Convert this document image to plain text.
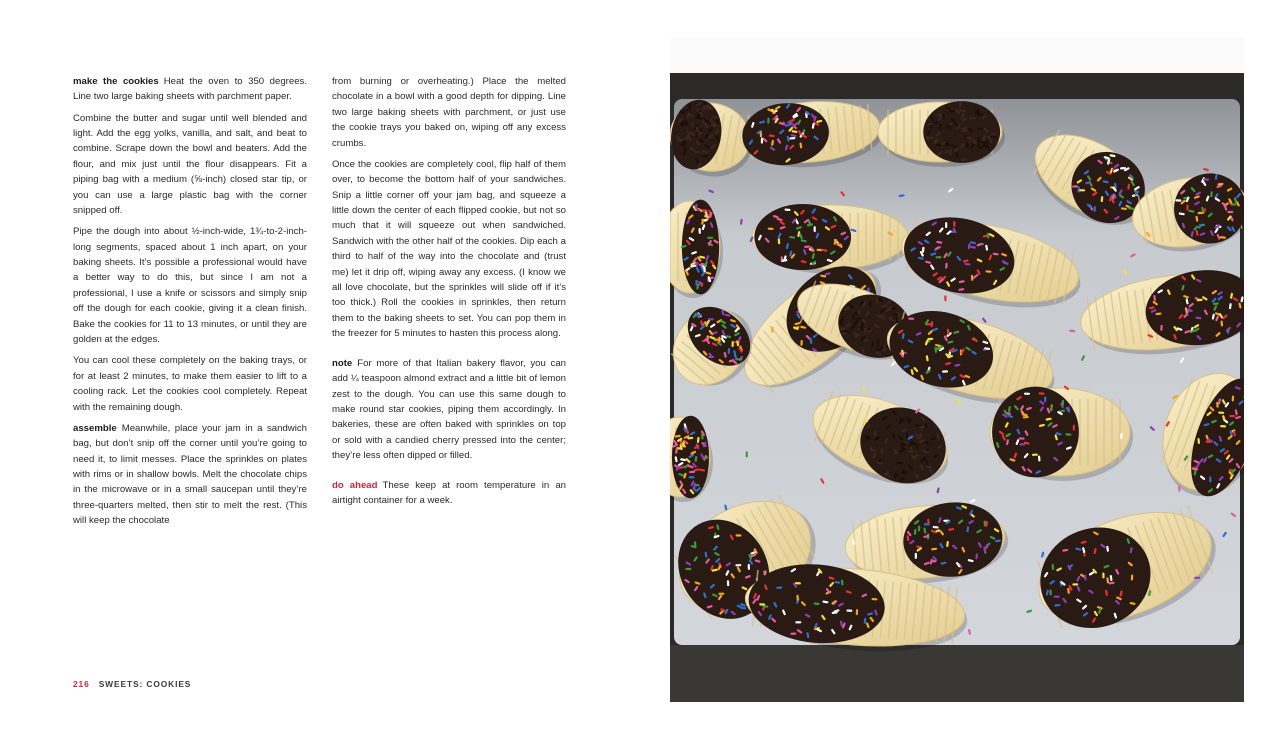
make the cookies Heat the oven to 350 degrees. Line two large baking sheets with parchment paper.

Combine the butter and sugar until well blended and light. Add the egg yolks, vanilla, and salt, and beat to combine. Scrape down the bowl and beaters. Add the flour, and mix just until the flour disappears. Fit a piping bag with a medium (⅝-inch) closed star tip, or you can use a large plastic bag with the corner snipped off.

Pipe the dough into about ½-inch-wide, 1¾-to-2-inch-long segments, spaced about 1 inch apart, on your baking sheets. It’s possible a professional would have a better way to do this, but since I am not a professional, I use a knife or scissors and simply snip off the dough for each cookie, giving it a clean finish. Bake the cookies for 11 to 13 minutes, or until they are golden at the edges.

You can cool these completely on the baking trays, or for at least 2 minutes, to make them easier to lift to a cooling rack. Let the cookies cool completely. Repeat with the remaining dough.

assemble Meanwhile, place your jam in a sandwich bag, but don’t snip off the corner until you’re going to need it, to limit messes. Place the sprinkles on plates with rims or in shallow bowls. Melt the chocolate chips in the microwave or in a small saucepan until they’re three-quarters melted, then stir to melt the rest. (This will keep the chocolate

from burning or overheating.) Place the melted chocolate in a bowl with a good depth for dipping. Line two large baking sheets with parchment, or just use the cookie trays you baked on, wiping off any excess crumbs.

Once the cookies are completely cool, flip half of them over, to become the bottom half of your sandwiches. Snip a little corner off your jam bag, and squeeze a little down the center of each flipped cookie, but not so much that it will squeeze out when sandwiched. Sandwich with the other half of the cookies. Dip each a third to half of the way into the chocolate and (trust me) let it drip off, wiping away any excess. (I know we all love chocolate, but the sprinkles will slide off if it’s too thick.) Roll the cookies in sprinkles, then return them to the baking sheets to set. You can pop them in the freezer for 5 minutes to hasten this process along.

note For more of that Italian bakery flavor, you can add ¼ teaspoon almond extract and a little bit of lemon zest to the dough. You can use this same dough to make round star cookies, piping them accordingly. In bakeries, these are often baked with sprinkles on top or sold with a candied cherry pressed into the center; they’re less often dipped or filled.

do ahead These keep at room temperature in an airtight container for a week.

216 SWEETS: COOKIES
